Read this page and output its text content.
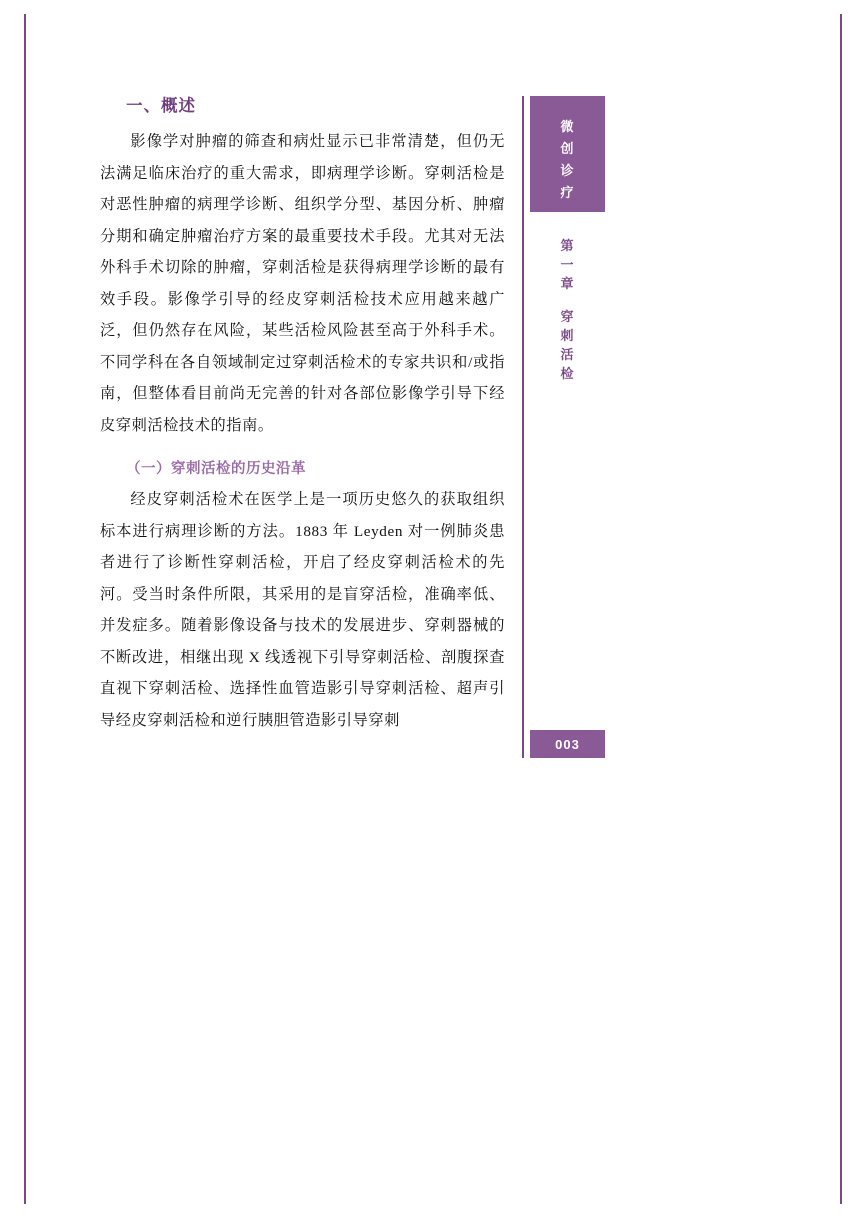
一、概述

影像学对肿瘤的筛查和病灶显示已非常清楚，但仍无法满足临床治疗的重大需求，即病理学诊断。穿刺活检是对恶性肿瘤的病理学诊断、组织学分型、基因分析、肿瘤分期和确定肿瘤治疗方案的最重要技术手段。尤其对无法外科手术切除的肿瘤，穿刺活检是获得病理学诊断的最有效手段。影像学引导的经皮穿刺活检技术应用越来越广泛，但仍然存在风险，某些活检风险甚至高于外科手术。不同学科在各自领域制定过穿刺活检术的专家共识和/或指南，但整体看目前尚无完善的针对各部位影像学引导下经皮穿刺活检技术的指南。

（一）穿刺活检的历史沿革

经皮穿刺活检术在医学上是一项历史悠久的获取组织标本进行病理诊断的方法。1883 年 Leyden 对一例肺炎患者进行了诊断性穿刺活检，开启了经皮穿刺活检术的先河。受当时条件所限，其采用的是盲穿活检，准确率低、并发症多。随着影像设备与技术的发展进步、穿刺器械的不断改进，相继出现 X 线透视下引导穿刺活检、剖腹探查直视下穿刺活检、选择性血管造影引导穿刺活检、超声引导经皮穿刺活检和逆行胰胆管造影引导穿刺

微
创
诊
疗
第
一
章
穿
刺
活
检
003
